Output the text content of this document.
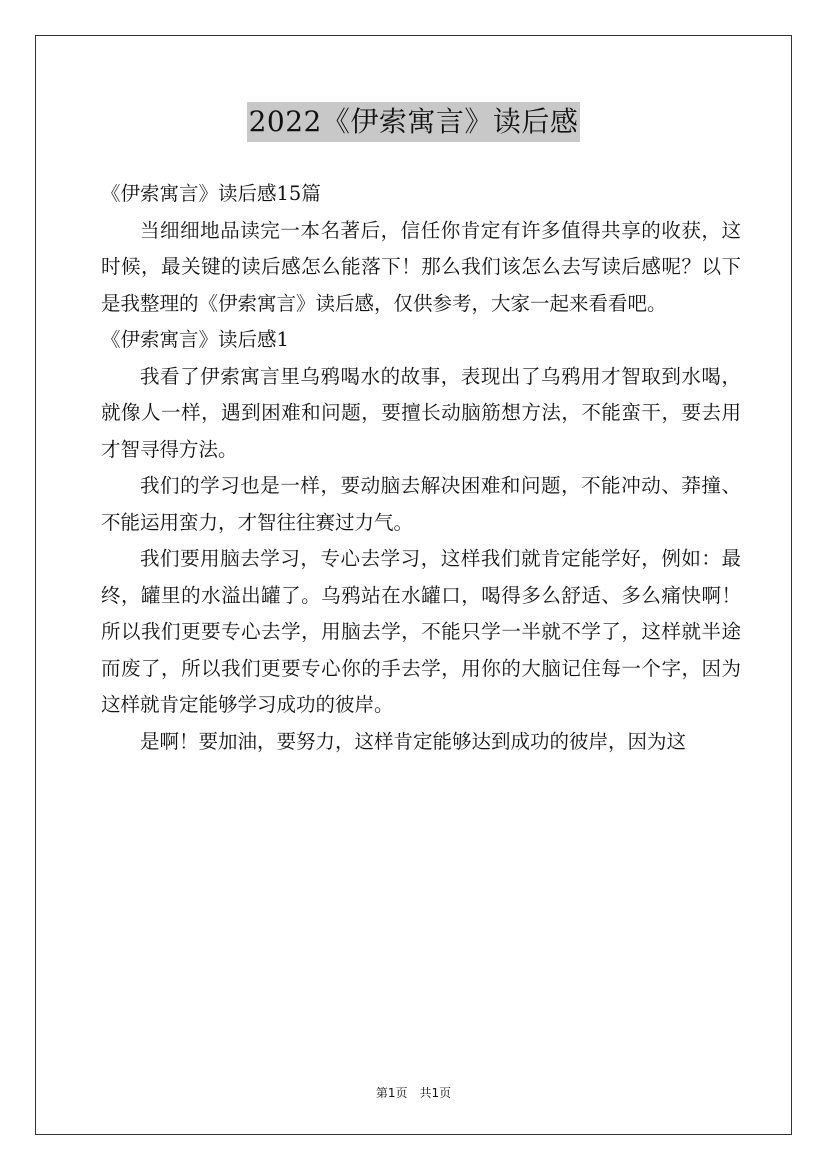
2022《伊索寓言》读后感

《伊索寓言》读后感15篇

当细细地品读完一本名著后，信任你肯定有许多值得共享的收获，这时候，最关键的读后感怎么能落下！那么我们该怎么去写读后感呢？以下是我整理的《伊索寓言》读后感，仅供参考，大家一起来看看吧。

《伊索寓言》读后感1

我看了伊索寓言里乌鸦喝水的故事，表现出了乌鸦用才智取到水喝，就像人一样，遇到困难和问题，要擅长动脑筋想方法，不能蛮干，要去用才智寻得方法。

我们的学习也是一样，要动脑去解决困难和问题，不能冲动、莽撞、不能运用蛮力，才智往往赛过力气。

我们要用脑去学习，专心去学习，这样我们就肯定能学好，例如：最终，罐里的水溢出罐了。乌鸦站在水罐口，喝得多么舒适、多么痛快啊！所以我们更要专心去学，用脑去学，不能只学一半就不学了，这样就半途而废了，所以我们更要专心你的手去学，用你的大脑记住每一个字，因为这样就肯定能够学习成功的彼岸。

是啊！要加油，要努力，这样肯定能够达到成功的彼岸，因为这

第1页　共1页
